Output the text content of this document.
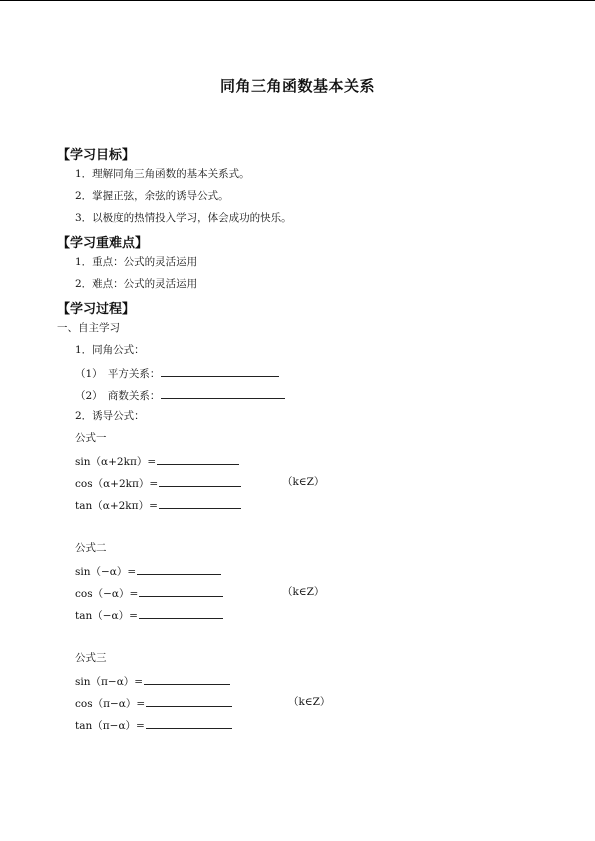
同角三角函数基本关系
【学习目标】
1．理解同角三角函数的基本关系式。
2．掌握正弦，余弦的诱导公式。
3．以极度的热情投入学习，体会成功的快乐。
【学习重难点】
1．重点：公式的灵活运用
2．难点：公式的灵活运用
【学习过程】
一、自主学习
1．同角公式：
（1）　平方关系：
（2）　商数关系：
2．诱导公式：
公式一
sin（α+2kπ）=
cos（α+2kπ）=	（k∈Z）
tan（α+2kπ）=
公式二
sin（−α）=
cos（−α）=	（k∈Z）
tan（−α）=
公式三
sin（π−α）=
cos（π−α）=	（k∈Z）
tan（π−α）=
